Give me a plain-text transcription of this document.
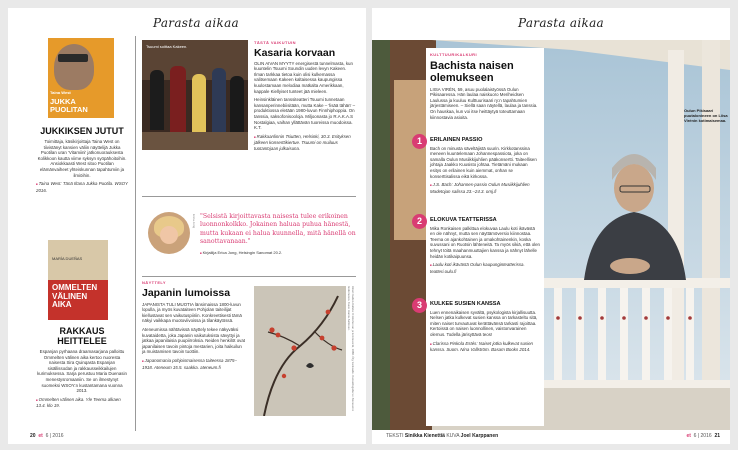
Parasta aikaa
Taina West
JUKKA PUOLITAN
JUKKIKSEN JUTUT

Toimittaja, käsikirjoittaja Taina West on tiivistänyt kansien väliin näyttelijä Jukka Puotilan uran 'Vitamiini' jatkonuorauksesta Kolikkoon kautta viime syksyn syöpähoitoihin. Ansiokkaasti West sitoo Puotilan elämänvaiheet yhteiskunnan tapahtumiin ja ilmiöihin.

■ Taina West: Tänä Iltana Jukka Puotila. WSOY 2016.

MARÍA DUEÑAS
OMMELTEN VÄLINEN AIKA
RAKKAUS HEITTELEE

Espanjan pyrhaana draamasarjana palloittu Ommelten välinen aika kertoo nuoresta naisesta Sira Quinqasta Espanjan sisällissodan ja rakkausseikkailujen kurimuksessa. Sarja perustuu Maria Duenasin menestysromaaniin. Se on ilmestynyt suomeksi WSOY:n kustantamana vuonna 2013.

■ Ommelten välinen aika. Yle Teema alkaen 13.4. klo 19.

Tsuumi soittaa Kakeen.
TÄSTÄ VAIKUTUIN
Kasaria korvaan

OLIN AIVAN MYYTY energisestä tunnelmasta, kun kuuntelin Tsuumi Soundin uuden levyn Kakeen. Ilman tarkkaa tietoa kuin olisi kulkemassa valitsemaan Kakeen kaltaisessa kaupungissa kuulostamaan melodiaa matkalta Amerikkaan, kappale Kiellyiset tunteet jää mieleen.

Heinsinkläinen tanssiteatteri Tsuumi tunnetaan kansanperinnebiisitään, mutta Kake – 'lisää tähän' – produktiossa eletään 1980-luvun Finnhiphoppia. On tanssia, saksofonisooloja. Miljoonasta jo R.A.K.A.S Nostalgiaa, vaihan yllättävän tuoreissa muodoissa. K.T.

■ Rakkaanlinnin Tsiutten, Helsinki, 30.3. Esityksen jälkeen konserttikiertue. Tsuumi on muiluus tuotantojaan julkaisuna.

Erica Jong "Selsistä kirjoittavasta naisesta tulee erikoinen luonnonkolkko. Jokainen haluaa puhua hänestä, mutta kukaan ei halua kuunnella, mitä hänellä on sanottavanaan."

■ Kirjailija Erica Jong, Helsingin Sanomat 20.2.

NÄYTTELY
Japanin lumoissa

JAPANISTA TULI MUOTIA länsimaissa 1800-luvun lopulla, ja myös kuvataiteen Pohjolan taiteilijat kiellustavat sen vaikutuspiiriin. Konkreettisesti tämä näkyi vaikkapa muotoviivoissa ja tilankäytössä.

Ateneumissa nähtävissä näyttely tekee näkyväksi kuvataidetta, joka Japanin vaikutuksista sävyttyi ja jatkaa japanilaisia puupiirroksia. Neiden henkilöt ovat japanilaisen tavoin pintoja mestarien, joita haikuilun ja muistamisen tavoin tuottiin.

■ Japanomania pohjoismaisessa taiteessa 1875–1918. Ateneum 15.5. saakka. ateneum.fi	Akseli Gallen-Kallela: Kirkkoherran ja lumiterveitä, 1888. Öljy kankaalle. Kansallisgalleria / Ateneumin taidemuseo. Kuva: Hannu Aaltonen.
20 et 6 | 2016
Parasta aikaa
KULTTUURIKALKURI
Bachista naisen olemukseen

LIISA VIRÉN, 59, asuu puolalaistyössä Oulun Pikisaaressa. Hän laulaa naiskuoro Meriheidsen Laulussa ja kuuluu Kulttuurisaari ry:n tapahtumien järjestämiseen. – Siellä saan näytellä, laulaa ja tanssia. On hauskaa, kun voi itse heittäytyä toteuttamaan kiinnostavia asioita.

1	ERILAINEN PASSIO

Bach on minusta säveltäjistä suurin. Kirkkotanssina meneen kuuntelemaan Johannespassiota, joka on samalla Oulun Musiikkijuhlien pääkonsertti. Taiteellisen johtaja Jaakko Kuusisto johtaa. Tietämäni mukaan esitys on erilainen kuin aiemmat, onhan se konserttisalissa eikä kirkossa.

■ J.S. Bach: Johannes-passio Oulun Musiikkijuhlien Madetojan salissa 23.–24.3. omj.fi

2	ELOKUVA TEATTERISSA

Mika Ronkaisen palkittua elokuvaa Laulu koti ikävästä en ole nähnyt, mutta sen näyttämöversio kiinnostaa. Teema on ajankohtainen ja omakohtainenkin, koska suvussani on Ruotsin lähteneitä. Ta myös sikiä, että olen tehnyt töitä maahanmuuttajien kanssa ja nähnyt lähelle heidän kotikaipuunsa.

■ Laulu koti ikävästä Oulun kaupunginteatterissa. teatteri.oulu.fi

3	KULKEE SUSIEN KANSSA

Luen ennenaikaisen syvältä, psykologista kirjallisuutta. Nelsen jatka kulkevat susien kanssa on tarkasteltu sitä, miten naiset turvautuvat kerättävänsä tarkasti rajoittaa. Kertoissä on naisen luonnollinen, vaistonvarainen olemus. Todella järisyttävä teos!

■ Clarissa Pinkola Estés: Naiset jotka kulkevat susien kanssa. Suom. Nina Vallström. Basam Books 2014.

Oulun Pikisaari puutalonineen on Liisa Virénin kotimaisemaa.
TEKSTI Sinikka Kienettiä KUVA Joel Karppanen	et 6 | 2016 21
